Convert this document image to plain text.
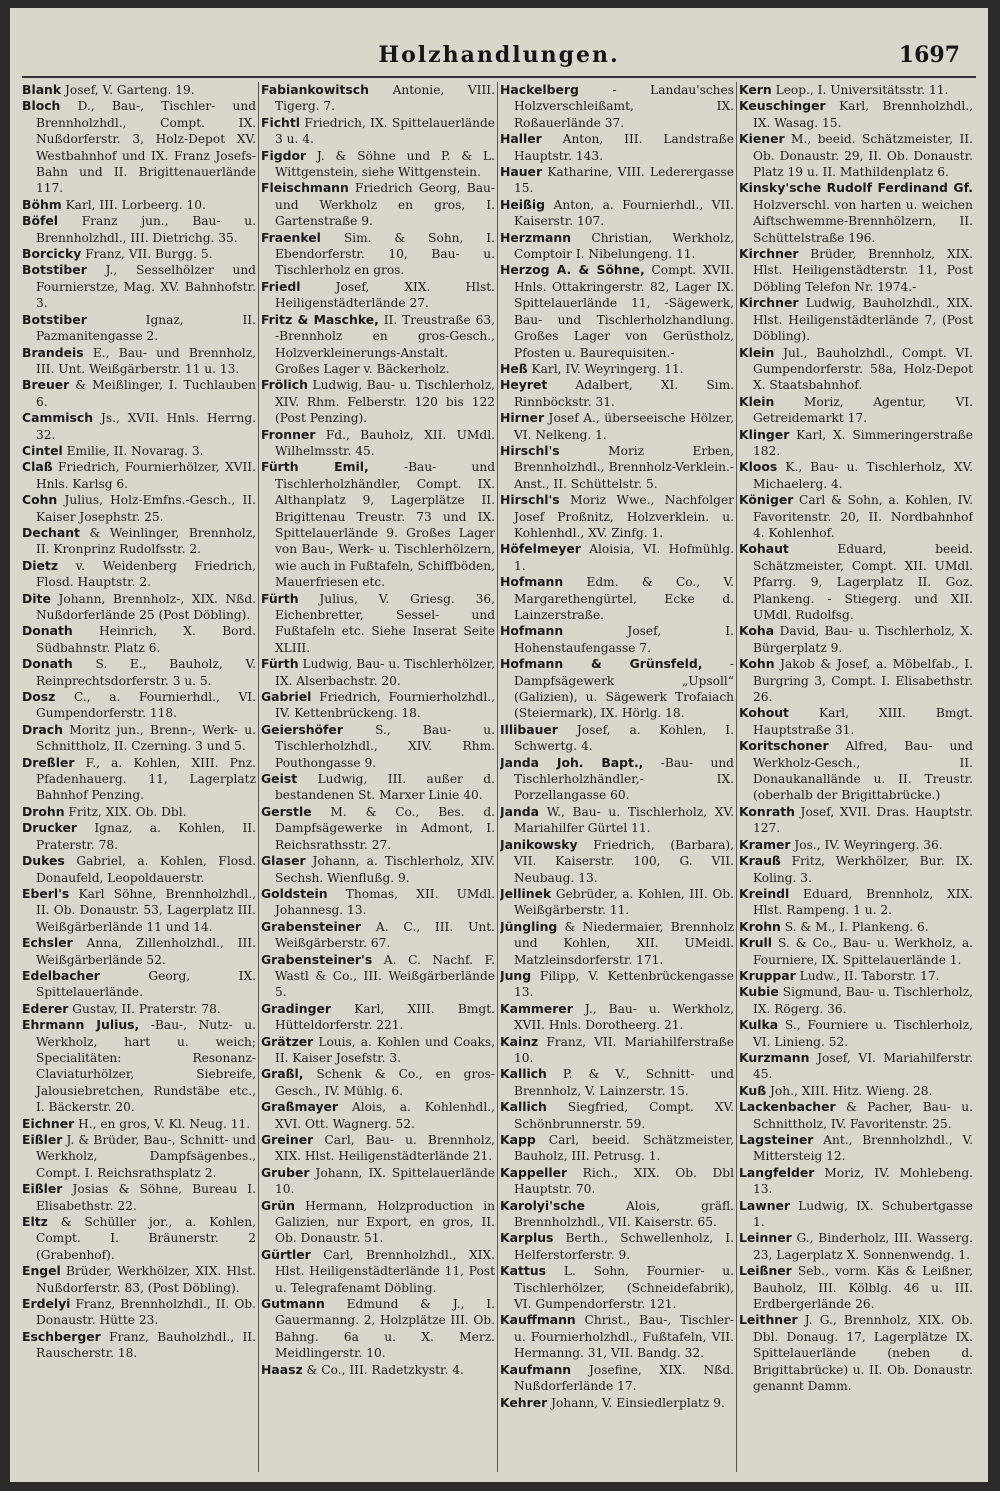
Holzhandlungen.	1697

Blank Josef, V. Garteng. 19.

Bloch D., Bau-, Tischler- und Brennholzhdl., Compt. IX. Nußdorferstr. 3, Holz-Depot XV. Westbahnhof und IX. Franz Josefs-Bahn und II. Brigittenauerlände 117.

Böhm Karl, III. Lorbeerg. 10.

Böfel Franz jun., Bau- u. Brennholzhdl., III. Dietrichg. 35.

Borcicky Franz, VII. Burgg. 5.

Botstiber J., Sesselhölzer und Fournierstze, Mag. XV. Bahnhofstr. 3.

Botstiber Ignaz, II. Pazmanitengasse 2.

Brandeis E., Bau- und Brennholz, III. Unt. Weißgärberstr. 11 u. 13.

Breuer & Meißlinger, I. Tuchlauben 6.

Cammisch Js., XVII. Hnls. Herrng. 32.

Cintel Emilie, II. Novarag. 3.

Claß Friedrich, Fournierhölzer, XVII. Hnls. Karlsg 6.

Cohn Julius, Holz-Emfns.-Gesch., II. Kaiser Josephstr. 25.

Dechant & Weinlinger, Brennholz, II. Kronprinz Rudolfsstr. 2.

Dietz v. Weidenberg Friedrich, Flosd. Hauptstr. 2.

Dite Johann, Brennholz-, XIX. Nßd. Nußdorferlände 25 (Post Döbling).

Donath Heinrich, X. Bord. Südbahnstr. Platz 6.

Donath S. E., Bauholz, V. Reinprechtsdorferstr. 3 u. 5.

Dosz C., a. Fournierhdl., VI. Gumpendorferstr. 118.

Drach Moritz jun., Brenn-, Werk- u. Schnittholz, II. Czerning. 3 und 5.

Dreßler F., a. Kohlen, XIII. Pnz. Pfadenhauerg. 11, Lagerplatz Bahnhof Penzing.

Drohn Fritz, XIX. Ob. Dbl.

Drucker Ignaz, a. Kohlen, II. Praterstr. 78.

Dukes Gabriel, a. Kohlen, Flosd. Donaufeld, Leopoldauerstr.

Eberl's Karl Söhne, Brennholzhdl., II. Ob. Donaustr. 53, Lagerplatz III. Weißgärberlände 11 und 14.

Echsler Anna, Zillenholzhdl., III. Weißgärberlände 52.

Edelbacher Georg, IX. Spittelauerlände.

Ederer Gustav, II. Praterstr. 78.

Ehrmann Julius, -Bau-, Nutz- u. Werkholz, hart u. weich; Specialitäten: Resonanz-Claviaturhölzer, Siebreife, Jalousiebretchen, Rundstäbe etc., I. Bäckerstr. 20.

Eichner H., en gros, V. Kl. Neug. 11.

Eißler J. & Brüder, Bau-, Schnitt- und Werkholz, Dampfsägenbes., Compt. I. Reichsrathsplatz 2.

Eißler Josias & Söhne, Bureau I. Elisabethstr. 22.

Eltz & Schüller jor., a. Kohlen, Compt. I. Bräunerstr. 2 (Grabenhof).

Engel Brüder, Werkhölzer, XIX. Hlst. Nußdorferstr. 83, (Post Döbling).

Erdelyi Franz, Brennholzhdl., II. Ob. Donaustr. Hütte 23.

Eschberger Franz, Bauholzhdl., II. Rauscherstr. 18.

Fabiankowitsch Antonie, VIII. Tigerg. 7.

Fichtl Friedrich, IX. Spittelauerlände 3 u. 4.

Figdor J. & Söhne und P. & L. Wittgenstein, siehe Wittgenstein.

Fleischmann Friedrich Georg, Bau- und Werkholz en gros, I. Gartenstraße 9.

Fraenkel Sim. & Sohn, I. Ebendorferstr. 10, Bau- u. Tischlerholz en gros.

Friedl Josef, XIX. Hlst. Heiligenstädterlände 27.

Fritz & Maschke, II. Treustraße 63, -Brennholz en gros-Gesch., Holzverkleinerungs-Anstalt. Großes Lager v. Bäckerholz.

Frölich Ludwig, Bau- u. Tischlerholz, XIV. Rhm. Felberstr. 120 bis 122 (Post Penzing).

Fronner Fd., Bauholz, XII. UMdl. Wilhelmsstr. 45.

Fürth Emil, -Bau- und Tischlerholzhändler, Compt. IX. Althanplatz 9, Lagerplätze II. Brigittenau Treustr. 73 und IX. Spittelauerlände 9. Großes Lager von Bau-, Werk- u. Tischlerhölzern, wie auch in Fußtafeln, Schiffböden, Mauerfriesen etc.

Fürth Julius, V. Griesg. 36, Eichenbretter, Sessel- und Fußtafeln etc. Siehe Inserat Seite XLIII.

Fürth Ludwig, Bau- u. Tischlerhölzer, IX. Alserbachstr. 20.

Gabriel Friedrich, Fournierholzhdl., IV. Kettenbrückeng. 18.

Geiershöfer S., Bau- u. Tischlerholzhdl., XIV. Rhm. Pouthongasse 9.

Geist Ludwig, III. außer d. bestandenen St. Marxer Linie 40.

Gerstle M. & Co., Bes. d. Dampfsägewerke in Admont, I. Reichsrathsstr. 27.

Glaser Johann, a. Tischlerholz, XIV. Sechsh. Wienflußg. 9.

Goldstein Thomas, XII. UMdl. Johannesg. 13.

Grabensteiner A. C., III. Unt. Weißgärberstr. 67.

Grabensteiner's A. C. Nachf. F. Wastl & Co., III. Weißgärberlände 5.

Gradinger Karl, XIII. Bmgt. Hütteldorferstr. 221.

Grätzer Louis, a. Kohlen und Coaks, II. Kaiser Josefstr. 3.

Graßl, Schenk & Co., en gros-Gesch., IV. Mühlg. 6.

Graßmayer Alois, a. Kohlenhdl., XVI. Ott. Wagnerg. 52.

Greiner Carl, Bau- u. Brennholz, XIX. Hlst. Heiligenstädterlände 21.

Gruber Johann, IX. Spittelauerlände 10.

Grün Hermann, Holzproduction in Galizien, nur Export, en gros, II. Ob. Donaustr. 51.

Gürtler Carl, Brennholzhdl., XIX. Hlst. Heiligenstädterlände 11, Post u. Telegrafenamt Döbling.

Gutmann Edmund & J., I. Gauermanng. 2, Holzplätze III. Ob. Bahng. 6a u. X. Merz. Meidlingerstr. 10.

Haasz & Co., III. Radetzkystr. 4.

Hackelberg - Landau'sches Holzverschleißamt, IX. Roßauerlände 37.

Haller Anton, III. Landstraße Hauptstr. 143.

Hauer Katharine, VIII. Lederergasse 15.

Heißig Anton, a. Fournierhdl., VII. Kaiserstr. 107.

Herzmann Christian, Werkholz, Comptoir I. Nibelungeng. 11.

Herzog A. & Söhne, Compt. XVII. Hnls. Ottakringerstr. 82, Lager IX. Spittelauerlände 11, -Sägewerk, Bau- und Tischlerholzhandlung. Großes Lager von Gerüstholz, Pfosten u. Baurequisiten.-

Heß Karl, IV. Weyringerg. 11.

Heyret Adalbert, XI. Sim. Rinnböckstr. 31.

Hirner Josef A., überseeische Hölzer, VI. Nelkeng. 1.

Hirschl's Moriz Erben, Brennholzhdl., Brennholz-Verklein.-Anst., II. Schüttelstr. 5.

Hirschl's Moriz Wwe., Nachfolger Josef Proßnitz, Holzverklein. u. Kohlenhdl., XV. Zinfg. 1.

Höfelmeyer Aloisia, VI. Hofmühlg. 1.

Hofmann Edm. & Co., V. Margarethengürtel, Ecke d. Lainzerstraße.

Hofmann Josef, I. Hohenstaufengasse 7.

Hofmann & Grünsfeld, -Dampfsägewerk „Upsoll“ (Galizien), u. Sägewerk Trofaiach (Steiermark), IX. Hörlg. 18.

Illibauer Josef, a. Kohlen, I. Schwertg. 4.

Janda Joh. Bapt., -Bau- und Tischlerholzhändler,- IX. Porzellangasse 60.

Janda W., Bau- u. Tischlerholz, XV. Mariahilfer Gürtel 11.

Janikowsky Friedrich, (Barbara), VII. Kaiserstr. 100, G. VII. Neubaug. 13.

Jellinek Gebrüder, a. Kohlen, III. Ob. Weißgärberstr. 11.

Jüngling & Niedermaier, Brennholz und Kohlen, XII. UMeidl. Matzleinsdorferstr. 171.

Jung Filipp, V. Kettenbrückengasse 13.

Kammerer J., Bau- u. Werkholz, XVII. Hnls. Dorotheerg. 21.

Kainz Franz, VII. Mariahilferstraße 10.

Kallich P. & V., Schnitt- und Brennholz, V. Lainzerstr. 15.

Kallich Siegfried, Compt. XV. Schönbrunnerstr. 59.

Kapp Carl, beeid. Schätzmeister, Bauholz, III. Petrusg. 1.

Kappeller Rich., XIX. Ob. Dbl Hauptstr. 70.

Karolyi'sche Alois, gräfl. Brennholzhdl., VII. Kaiserstr. 65.

Karplus Berth., Schwellenholz, I. Helferstorferstr. 9.

Kattus L. Sohn, Fournier- u. Tischlerhölzer, (Schneidefabrik), VI. Gumpendorferstr. 121.

Kauffmann Christ., Bau-, Tischler- u. Fournierholzhdl., Fußtafeln, VII. Hermanng. 31, VII. Bandg. 32.

Kaufmann Josefine, XIX. Nßd. Nußdorferlände 17.

Kehrer Johann, V. Einsiedlerplatz 9.

Kern Leop., I. Universitätsstr. 11.

Keuschinger Karl, Brennholzhdl., IX. Wasag. 15.

Kiener M., beeid. Schätzmeister, II. Ob. Donaustr. 29, II. Ob. Donaustr. Platz 19 u. II. Mathildenplatz 6.

Kinsky'sche Rudolf Ferdinand Gf. Holzverschl. von harten u. weichen Aiftschwemme-Brennhölzern, II. Schüttelstraße 196.

Kirchner Brüder, Brennholz, XIX. Hlst. Heiligenstädterstr. 11, Post Döbling Telefon Nr. 1974.-

Kirchner Ludwig, Bauholzhdl., XIX. Hlst. Heiligenstädterlände 7, (Post Döbling).

Klein Jul., Bauholzhdl., Compt. VI. Gumpendorferstr. 58a, Holz-Depot X. Staatsbahnhof.

Klein Moriz, Agentur, VI. Getreidemarkt 17.

Klinger Karl, X. Simmeringerstraße 182.

Kloos K., Bau- u. Tischlerholz, XV. Michaelerg. 4.

Königer Carl & Sohn, a. Kohlen, IV. Favoritenstr. 20, II. Nordbahnhof 4. Kohlenhof.

Kohaut Eduard, beeid. Schätzmeister, Compt. XII. UMdl. Pfarrg. 9, Lagerplatz II. Goz. Plankeng. - Stiegerg. und XII. UMdl. Rudolfsg.

Koha David, Bau- u. Tischlerholz, X. Bürgerplatz 9.

Kohn Jakob & Josef, a. Möbelfab., I. Burgring 3, Compt. I. Elisabethstr. 26.

Kohout Karl, XIII. Bmgt. Hauptstraße 31.

Koritschoner Alfred, Bau- und Werkholz-Gesch., II. Donaukanallände u. II. Treustr. (oberhalb der Brigittabrücke.)

Konrath Josef, XVII. Dras. Hauptstr. 127.

Kramer Jos., IV. Weyringerg. 36.

Krauß Fritz, Werkhölzer, Bur. IX. Koling. 3.

Kreindl Eduard, Brennholz, XIX. Hlst. Rampeng. 1 u. 2.

Krohn S. & M., I. Plankeng. 6.

Krull S. & Co., Bau- u. Werkholz, a. Fourniere, IX. Spittelauerlände 1.

Kruppar Ludw., II. Taborstr. 17.

Kubie Sigmund, Bau- u. Tischlerholz, IX. Rögerg. 36.

Kulka S., Fourniere u. Tischlerholz, VI. Linieng. 52.

Kurzmann Josef, VI. Mariahilferstr. 45.

Kuß Joh., XIII. Hitz. Wieng. 28.

Lackenbacher & Pacher, Bau- u. Schnittholz, IV. Favoritenstr. 25.

Lagsteiner Ant., Brennholzhdl., V. Mittersteig 12.

Langfelder Moriz, IV. Mohlebeng. 13.

Lawner Ludwig, IX. Schubertgasse 1.

Leinner G., Binderholz, III. Wasserg. 23, Lagerplatz X. Sonnenwendg. 1.

Leißner Seb., vorm. Käs & Leißner, Bauholz, III. Kölblg. 46 u. III. Erdbergerlände 26.

Leithner J. G., Brennholz, XIX. Ob. Dbl. Donaug. 17, Lagerplätze IX. Spittelauerlände (neben d. Brigittabrücke) u. II. Ob. Donaustr. genannt Damm.
